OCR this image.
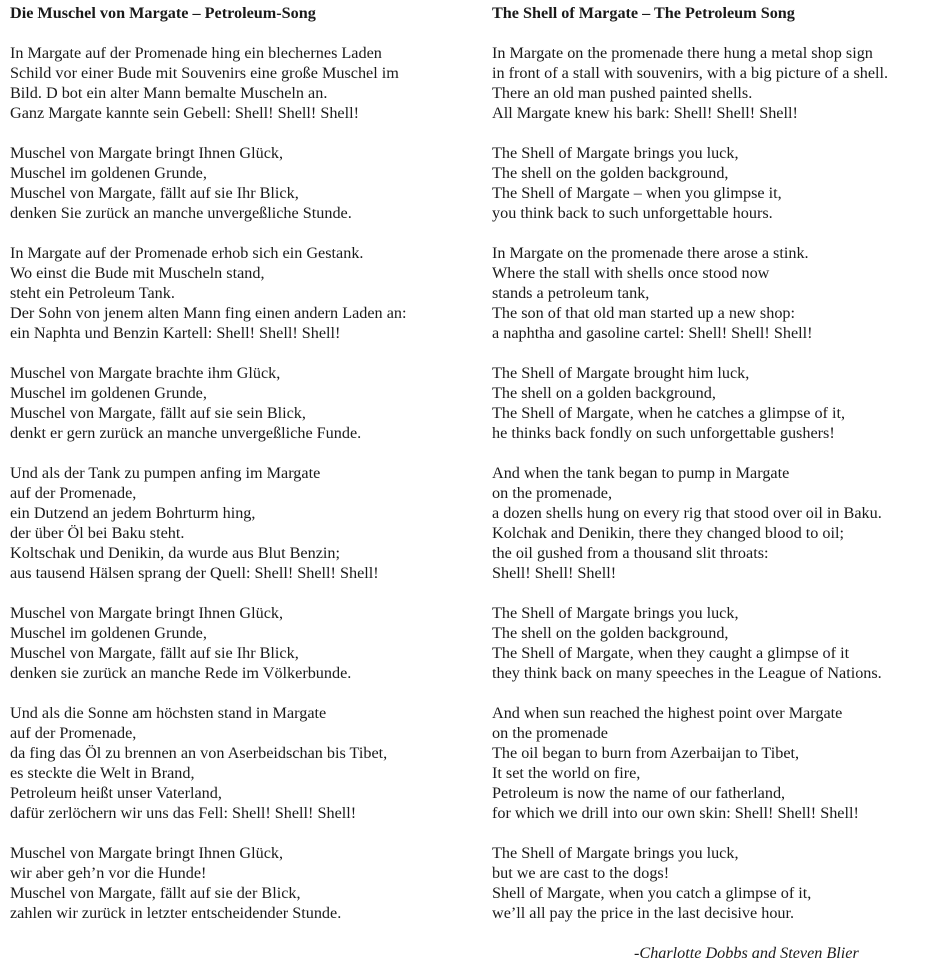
Die Muschel von Margate – Petroleum-Song
In Margate auf der Promenade hing ein blechernes Laden
Schild vor einer Bude mit Souvenirs eine große Muschel im
Bild. D bot ein alter Mann bemalte Muscheln an.
Ganz Margate kannte sein Gebell: Shell! Shell! Shell!
Muschel von Margate bringt Ihnen Glück,
Muschel im goldenen Grunde,
Muschel von Margate, fällt auf sie Ihr Blick,
denken Sie zurück an manche unvergeßliche Stunde.
In Margate auf der Promenade erhob sich ein Gestank.
Wo einst die Bude mit Muscheln stand,
steht ein Petroleum Tank.
Der Sohn von jenem alten Mann fing einen andern Laden an:
ein Naphta und Benzin Kartell: Shell! Shell! Shell!
Muschel von Margate brachte ihm Glück,
Muschel im goldenen Grunde,
Muschel von Margate, fällt auf sie sein Blick,
denkt er gern zurück an manche unvergeßliche Funde.
Und als der Tank zu pumpen anfing im Margate
auf der Promenade,
ein Dutzend an jedem Bohrturm hing,
der über Öl bei Baku steht.
Koltschak und Denikin, da wurde aus Blut Benzin;
aus tausend Hälsen sprang der Quell: Shell! Shell! Shell!
Muschel von Margate bringt Ihnen Glück,
Muschel im goldenen Grunde,
Muschel von Margate, fällt auf sie Ihr Blick,
denken sie zurück an manche Rede im Völkerbunde.
Und als die Sonne am höchsten stand in Margate
auf der Promenade,
da fing das Öl zu brennen an von Aserbeidschan bis Tibet,
es steckte die Welt in Brand,
Petroleum heißt unser Vaterland,
dafür zerlöchern wir uns das Fell: Shell! Shell! Shell!
Muschel von Margate bringt Ihnen Glück,
wir aber geh’n vor die Hunde!
Muschel von Margate, fällt auf sie der Blick,
zahlen wir zurück in letzter entscheidender Stunde.
The Shell of Margate – The Petroleum Song
In Margate on the promenade there hung a metal shop sign
in front of a stall with souvenirs, with a big picture of a shell.
There an old man pushed painted shells.
All Margate knew his bark: Shell! Shell! Shell!
The Shell of Margate brings you luck,
The shell on the golden background,
The Shell of Margate – when you glimpse it,
you think back to such unforgettable hours.
In Margate on the promenade there arose a stink.
Where the stall with shells once stood now
stands a petroleum tank,
The son of that old man started up a new shop:
a naphtha and gasoline cartel: Shell! Shell! Shell!
The Shell of Margate brought him luck,
The shell on a golden background,
The Shell of Margate, when he catches a glimpse of it,
he thinks back fondly on such unforgettable gushers!
And when the tank began to pump in Margate
on the promenade,
a dozen shells hung on every rig that stood over oil in Baku.
Kolchak and Denikin, there they changed blood to oil;
the oil gushed from a thousand slit throats:
Shell! Shell! Shell!
The Shell of Margate brings you luck,
The shell on the golden background,
The Shell of Margate, when they caught a glimpse of it
they think back on many speeches in the League of Nations.
And when sun reached the highest point over Margate
on the promenade
The oil began to burn from Azerbaijan to Tibet,
It set the world on fire,
Petroleum is now the name of our fatherland,
for which we drill into our own skin: Shell! Shell! Shell!
The Shell of Margate brings you luck,
but we are cast to the dogs!
Shell of Margate, when you catch a glimpse of it,
we’ll all pay the price in the last decisive hour.
-Charlotte Dobbs and Steven Blier
